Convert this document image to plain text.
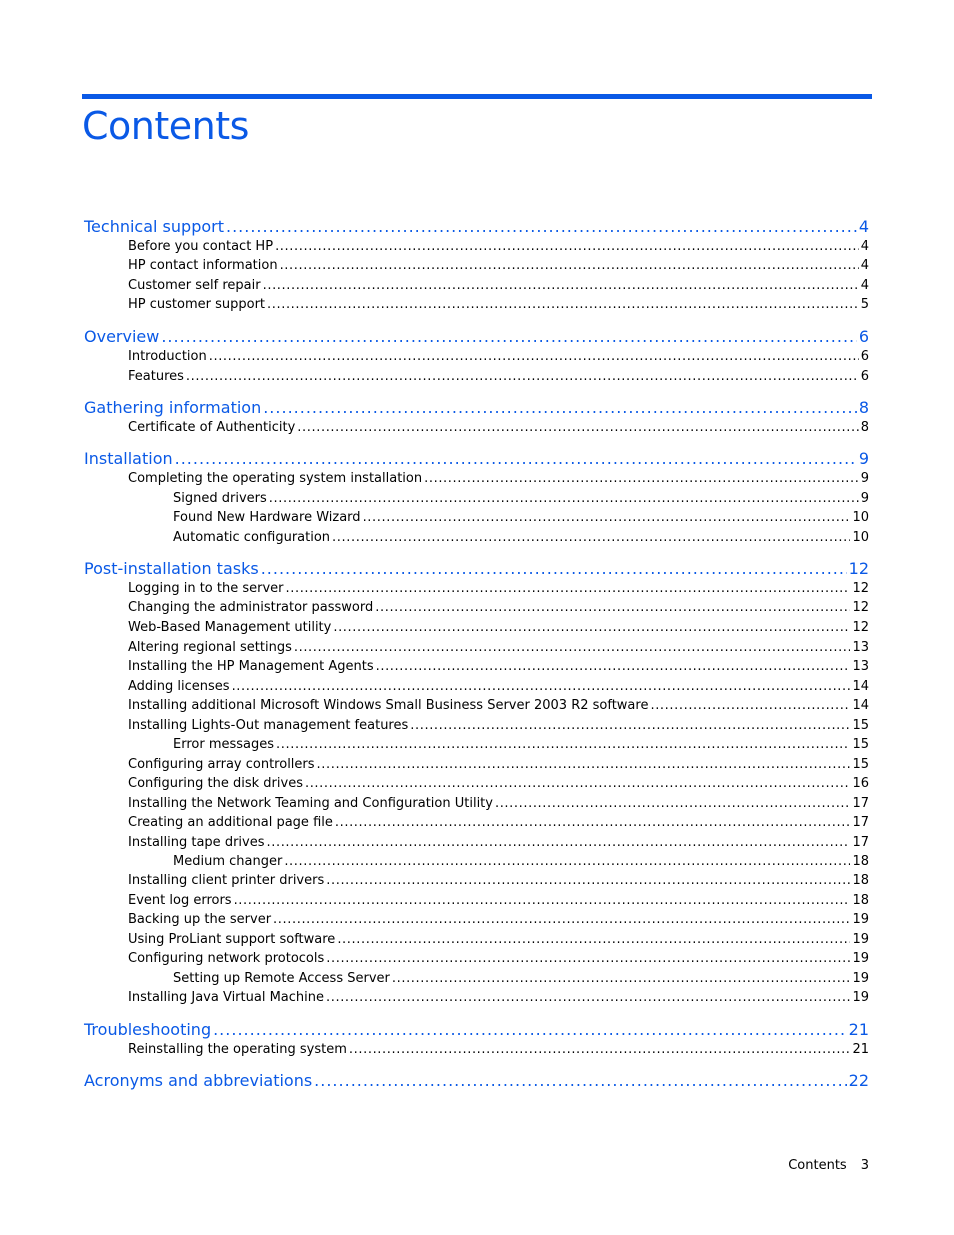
Contents
Technical support .....	4
Before you contact HP .....	4
HP contact information .....	4
Customer self repair .....	4
HP customer support .....	5
Overview .....	6
Introduction .....	6
Features .....	6
Gathering information .....	8
Certificate of Authenticity .....	8
Installation .....	9
Completing the operating system installation .....	9
Signed drivers .....	9
Found New Hardware Wizard .....	10
Automatic configuration .....	10
Post-installation tasks .....	12
Logging in to the server .....	12
Changing the administrator password .....	12
Web-Based Management utility .....	12
Altering regional settings .....	13
Installing the HP Management Agents .....	13
Adding licenses .....	14
Installing additional Microsoft Windows Small Business Server 2003 R2 software .....	14
Installing Lights-Out management features .....	15
Error messages .....	15
Configuring array controllers .....	15
Configuring the disk drives .....	16
Installing the Network Teaming and Configuration Utility .....	17
Creating an additional page file .....	17
Installing tape drives .....	17
Medium changer .....	18
Installing client printer drivers .....	18
Event log errors .....	18
Backing up the server .....	19
Using ProLiant support software .....	19
Configuring network protocols .....	19
Setting up Remote Access Server .....	19
Installing Java Virtual Machine .....	19
Troubleshooting .....	21
Reinstalling the operating system .....	21
Acronyms and abbreviations .....	22
Contents 3
